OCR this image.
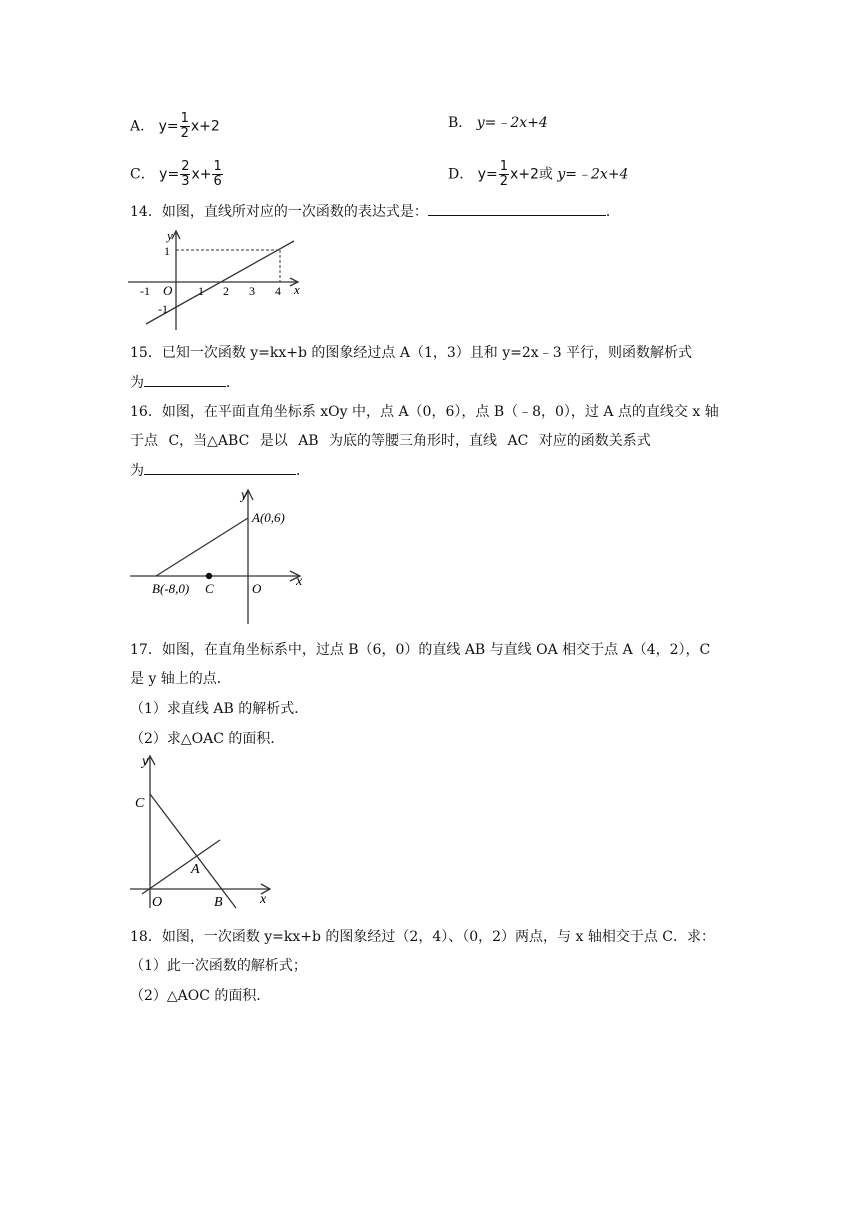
A． $y= \frac{1}{2} x+2$	B． y=﹣2x+4
C． $y= \frac{2}{3} x+ \frac{1}{6}$	D． $y= \frac{1}{2} x+2$或 y=﹣2x+4
14．如图，直线所对应的一次函数的表达式是：	．
y
x
O
-1	1 2 3 4
1
-1
15．已知一次函数 y=kx+b 的图象经过点 A（1，3）且和 y=2x﹣3 平行，则函数解析式
为	．
16．如图，在平面直角坐标系 xOy 中，点 A（0，6），点 B（﹣8，0），过 A 点的直线交 x 轴
于点 C，当△ABC 是以 AB 为底的等腰三角形时，直线 AC 对应的函数关系式
为	．
y
x
A(0,6)
B(-8,0) C	O
17．如图，在直角坐标系中，过点 B（6，0）的直线 AB 与直线 OA 相交于点 A（4，2），C
是 y 轴上的点．
（1）求直线 AB 的解析式．
（2）求△OAC 的面积．
y
x
C
A
O	B
18．如图，一次函数 y=kx+b 的图象经过（2，4）、（0，2）两点，与 x 轴相交于点 C．求：
（1）此一次函数的解析式；
（2）△AOC 的面积．
